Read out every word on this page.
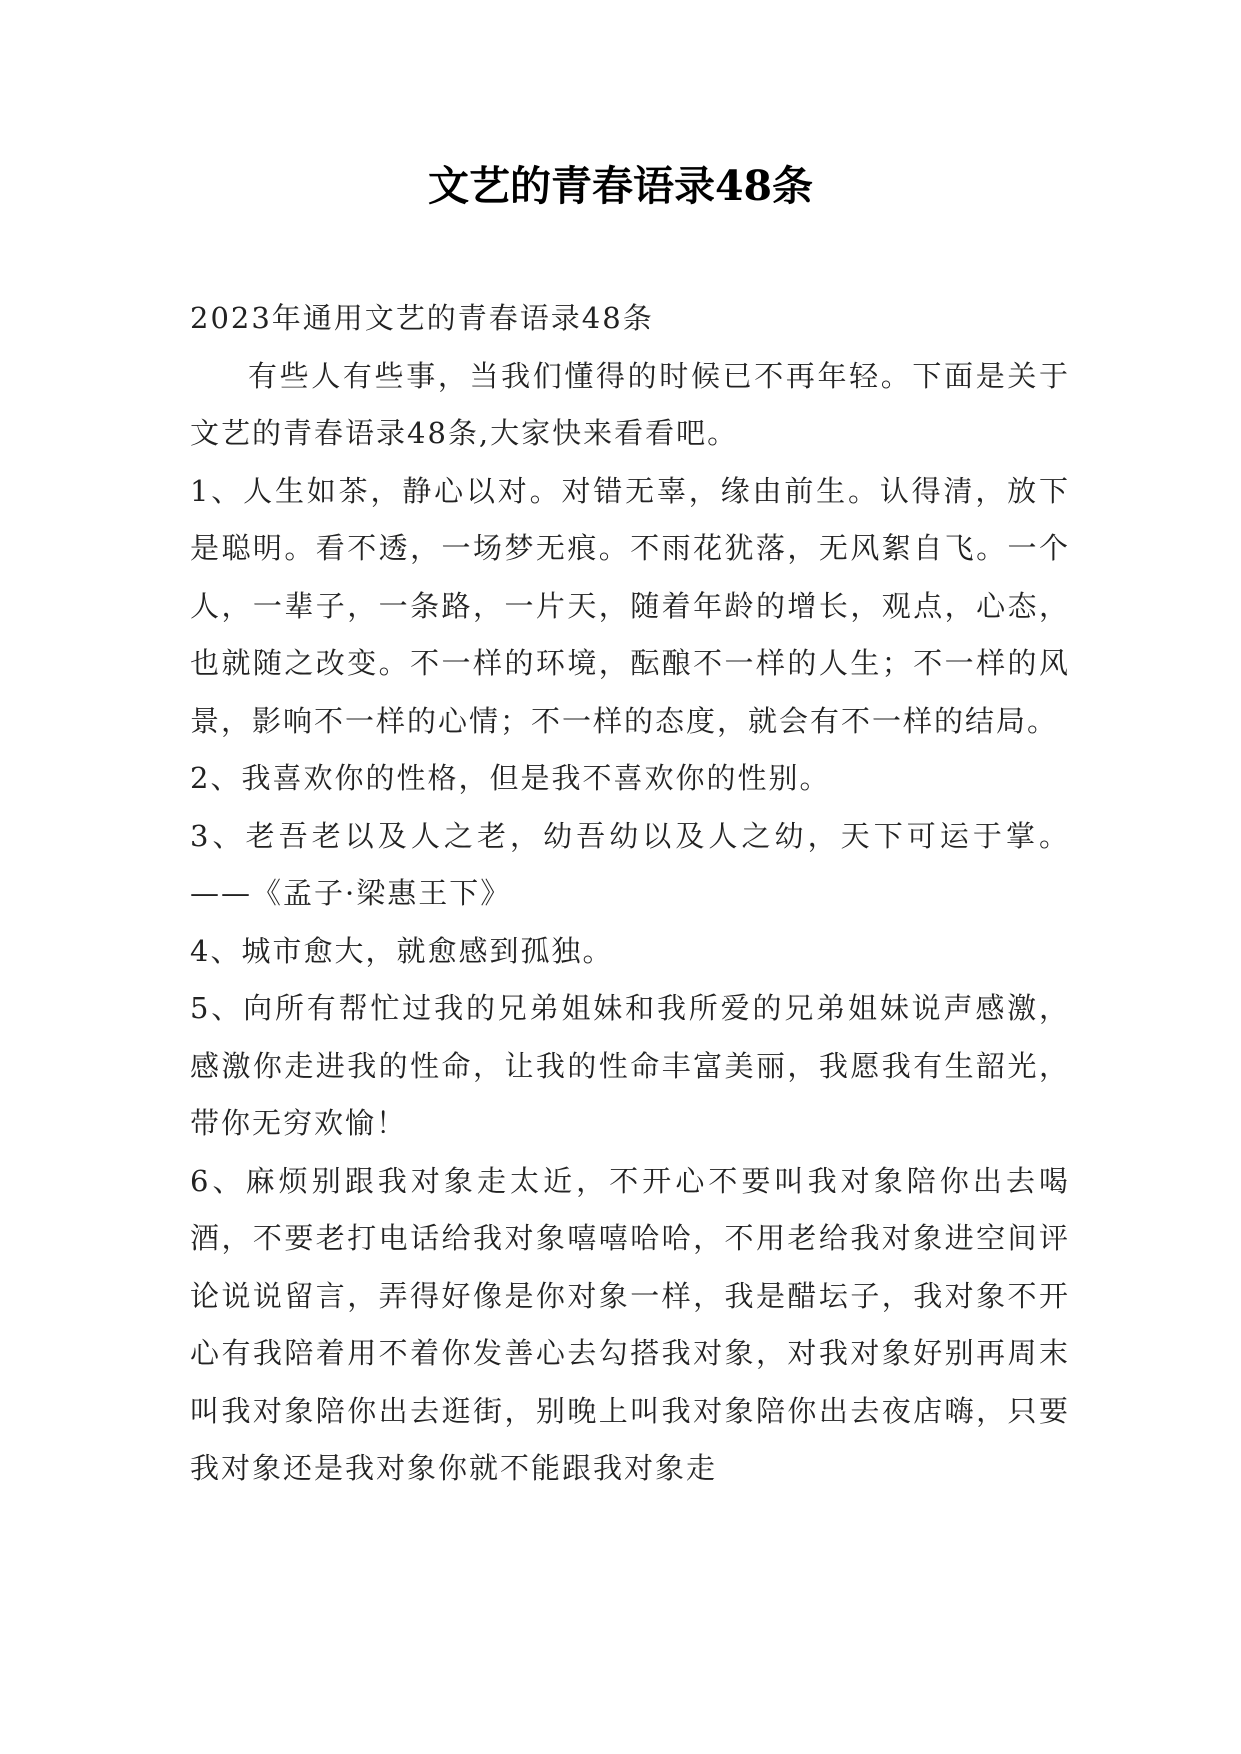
文艺的青春语录48条

2023年通用文艺的青春语录48条

有些人有些事，当我们懂得的时候已不再年轻。下面是关于文艺的青春语录48条,大家快来看看吧。

1、人生如茶，静心以对。对错无辜，缘由前生。认得清，放下是聪明。看不透，一场梦无痕。不雨花犹落，无风絮自飞。一个人，一辈子，一条路，一片天，随着年龄的增长，观点，心态，也就随之改变。不一样的环境，酝酿不一样的人生；不一样的风景，影响不一样的心情；不一样的态度，就会有不一样的结局。

2、我喜欢你的性格，但是我不喜欢你的性别。

3、老吾老以及人之老，幼吾幼以及人之幼，天下可运于掌。——《孟子·梁惠王下》

4、城市愈大，就愈感到孤独。

5、向所有帮忙过我的兄弟姐妹和我所爱的兄弟姐妹说声感激，感激你走进我的性命，让我的性命丰富美丽，我愿我有生韶光，带你无穷欢愉！

6、麻烦别跟我对象走太近，不开心不要叫我对象陪你出去喝酒，不要老打电话给我对象嘻嘻哈哈，不用老给我对象进空间评论说说留言，弄得好像是你对象一样，我是醋坛子，我对象不开心有我陪着用不着你发善心去勾搭我对象，对我对象好别再周末叫我对象陪你出去逛街，别晚上叫我对象陪你出去夜店嗨，只要我对象还是我对象你就不能跟我对象走
